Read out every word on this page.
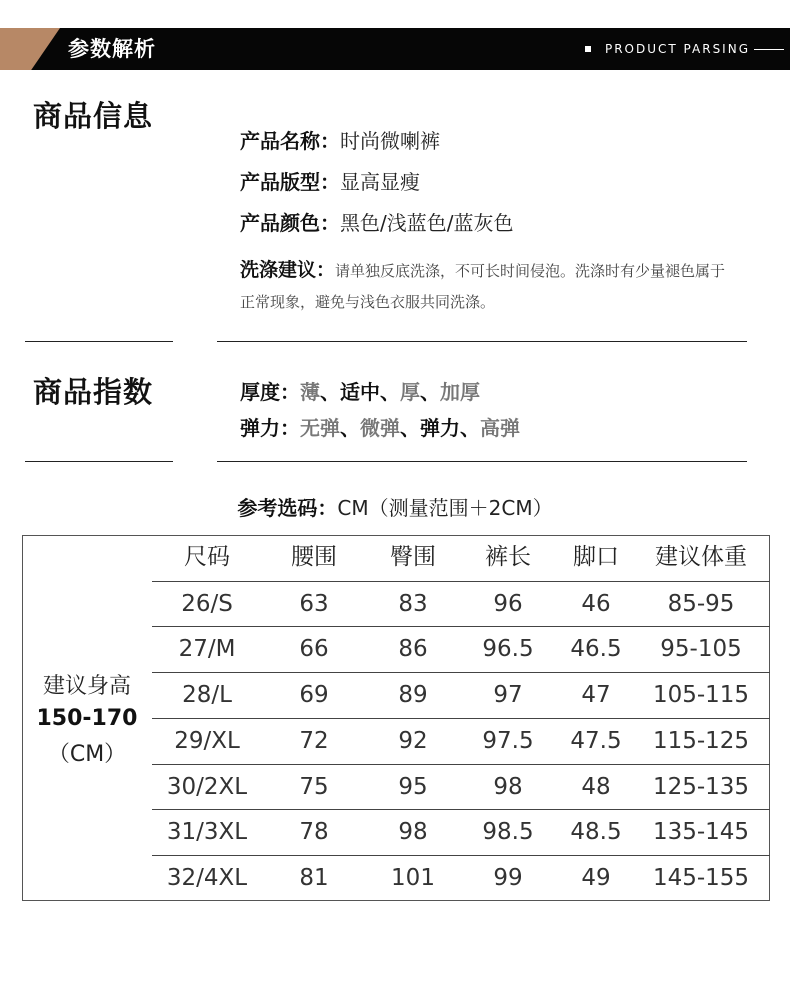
参数解析	PRODUCT PARSING
商品信息
产品名称：时尚微喇裤
产品版型：显高显瘦
产品颜色：黑色/浅蓝色/蓝灰色
洗涤建议：请单独反底洗涤，不可长时间侵泡。洗涤时有少量褪色属于正常现象，避免与浅色衣服共同洗涤。
商品指数	厚度：薄、适中、厚、加厚
弹力：无弹、微弹、弹力、高弹
参考选码：CM（测量范围＋2CM）
建议身高
150-170
（CM）
尺码	腰围	臀围	裤长	脚口	建议体重
26/S	63	83	96	46	85-95
27/M	66	86	96.5	46.5	95-105
28/L	69	89	97	47	105-115
29/XL	72	92	97.5	47.5	115-125
30/2XL	75	95	98	48	125-135
31/3XL	78	98	98.5	48.5	135-145
32/4XL	81	101	99	49	145-155
